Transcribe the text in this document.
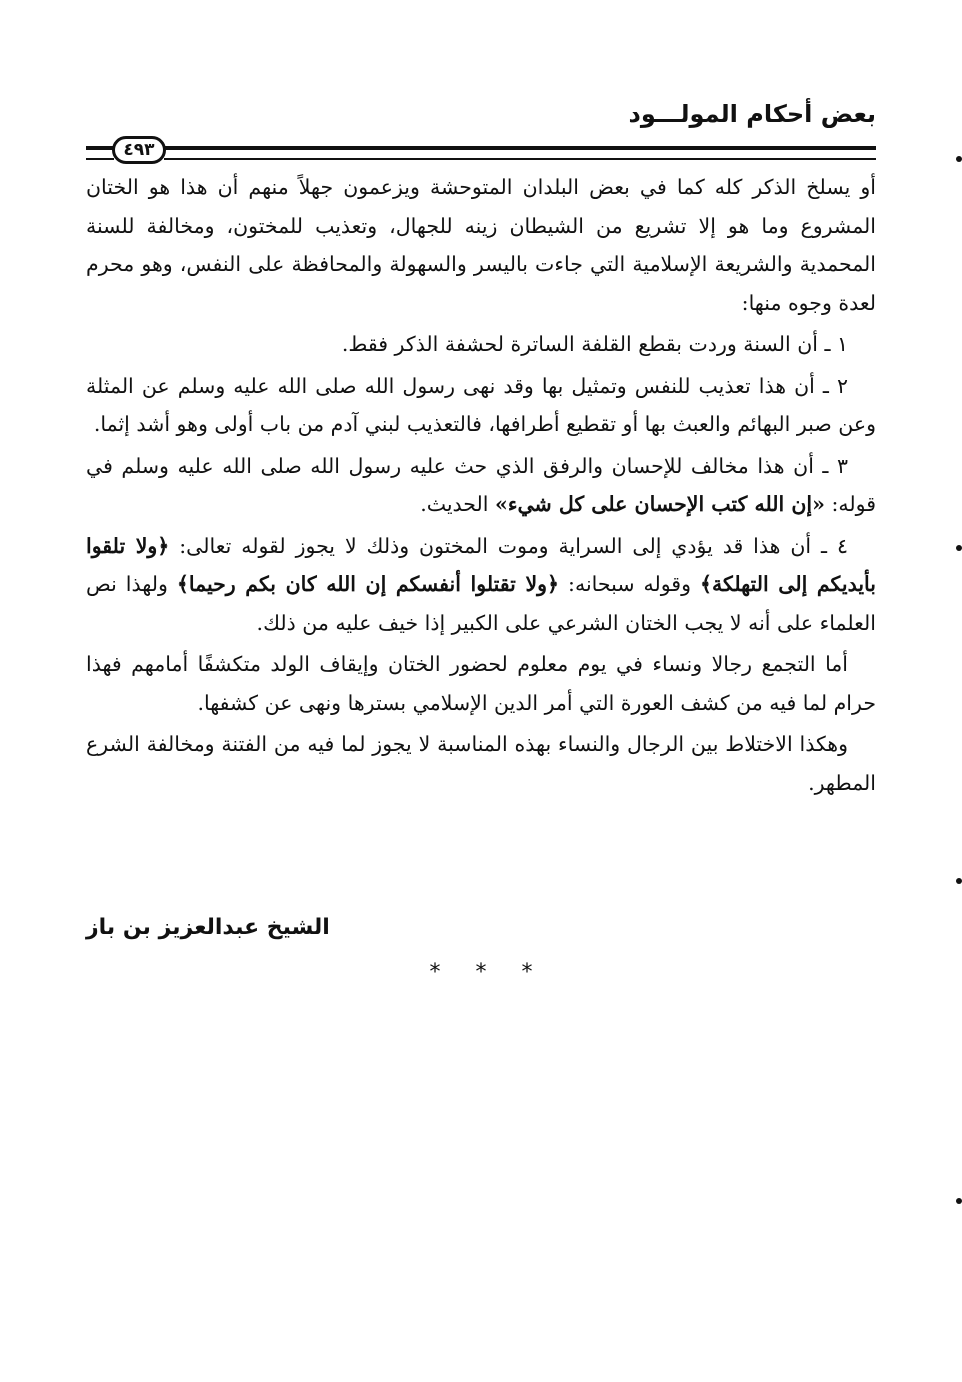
بعض أحكام المولـــود
٤٩٣

أو يسلخ الذكر كله كما في بعض البلدان المتوحشة ويزعمون جهلاً منهم أن هذا هو الختان المشروع وما هو إلا تشريع من الشيطان زينه للجهال، وتعذيب للمختون، ومخالفة للسنة المحمدية والشريعة الإسلامية التي جاءت باليسر والسهولة والمحافظة على النفس، وهو محرم لعدة وجوه منها:

١ ـ أن السنة وردت بقطع القلفة الساترة لحشفة الذكر فقط.

٢ ـ أن هذا تعذيب للنفس وتمثيل بها وقد نهى رسول الله صلى الله عليه وسلم عن المثلة وعن صبر البهائم والعبث بها أو تقطيع أطرافها، فالتعذيب لبني آدم من باب أولى وهو أشد إثما.

٣ ـ أن هذا مخالف للإحسان والرفق الذي حث عليه رسول الله صلى الله عليه وسلم في قوله: «إن الله كتب الإحسان على كل شيء» الحديث.

٤ ـ أن هذا قد يؤدي إلى السراية وموت المختون وذلك لا يجوز لقوله تعالى: ﴿ولا تلقوا بأيديكم إلى التهلكة﴾ وقوله سبحانه: ﴿ولا تقتلوا أنفسكم إن الله كان بكم رحيما﴾ ولهذا نص العلماء على أنه لا يجب الختان الشرعي على الكبير إذا خيف عليه من ذلك.

أما التجمع رجالا ونساء في يوم معلوم لحضور الختان وإيقاف الولد متكشفًا أمامهم فهذا حرام لما فيه من كشف العورة التي أمر الدين الإسلامي بسترها ونهى عن كشفها.

وهكذا الاختلاط بين الرجال والنساء بهذه المناسبة لا يجوز لما فيه من الفتنة ومخالفة الشرع المطهر.

الشيخ عبدالعزيز بن باز
* * *
